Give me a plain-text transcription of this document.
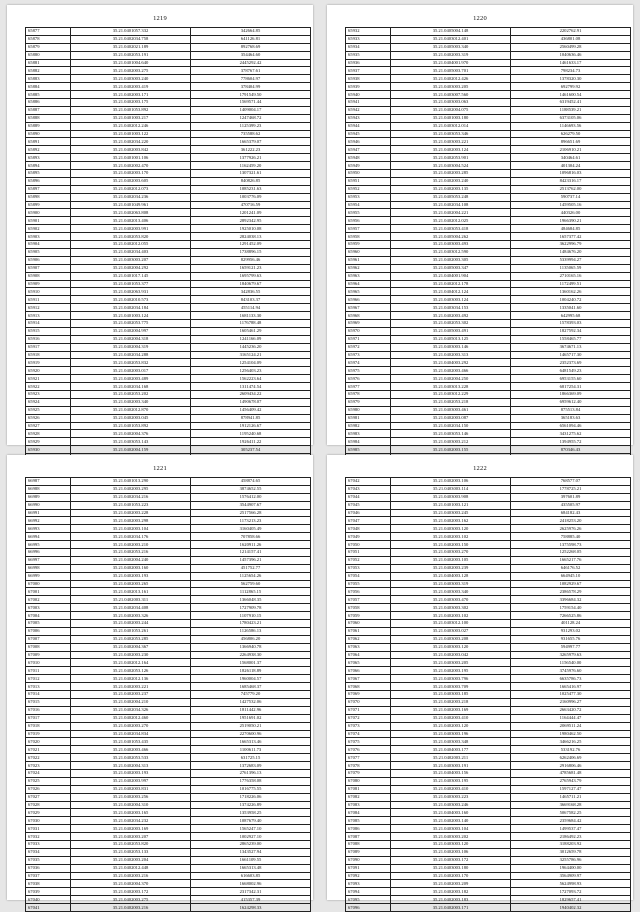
1219
65877	35.21.0401057.332	342664.85
65878	35.21.0402034.758	641126.81
65879	35.21.0402021.189	892768.69
65880	35.21.0402053.191	354464.60
65881	35.21.0401004.640	2445292.42
65882	35.21.0402003.275	378767.61
65883	35.21.0403003.240	778604.97
65884	35.21.0402003.419	378404.99
65885	35.21.0402003.171	1791549.50
65886	35.21.0402003.175	1569571.44
65887	35.21.0401053.892	1409004.17
65888	35.21.0401003.217	1247468.72
65889	35.21.0402012.246	1125399.23
65890	35.21.0401003.122	735588.62
65891	35.21.0402034.220	1665379.07
65892	35.21.0402003.842	361222.23
65893	35.21.0401001.106	1377926.21
65894	35.21.0402002.470	1162459.20
65895	35.21.0402003.170	1307321.61
65896	35.21.0402003.605	840826.85
65897	35.21.0402012.073	1085231.63
65898	35.21.0402034.236	1003776.09
65899	35.21.0401049.961	470716.59
65900	35.21.0402063.808	1201241.09
65901	35.21.0402013.406	2892342.95
65902	35.21.0402003.991	1925010.08
65903	35.21.0402053.820	2824038.13
65904	35.21.0402012.055	1291452.09
65905	35.21.0402034.403	1738896.15
65906	35.21.0403003.207	829956.46
65907	35.21.0402004.292	1659121.23
65908	35.21.0401017.145	1695799.63
65909	35.21.0401053.377	1840679.67
65910	35.21.0402063.931	342836.55
65911	35.21.0402010.573	843103.37
65912	35.21.0402034.184	455114.94
65913	35.21.0401003.124	1681133.30
65914	35.21.0402053.775	1176788.48
65915	35.21.0402004.997	1605461.29
65916	35.21.0402004.318	1241166.09
65917	35.21.0402004.319	1445236.20
65918	35.21.0402034.288	3165124.21
65919	35.21.0402053.832	1254104.09
65920	35.21.0402003.017	1256403.23
65921	35.21.0402003.489	1562223.64
65922	35.21.0402034.168	1311474.54
65923	35.21.0402053.202	2609434.22
65924	35.21.0402003.340	1490678.07
65925	35.21.0402012.870	1456409.42
65926	35.21.0402003.045	878941.85
65927	35.21.0401053.892	1912126.67
65928	35.21.0402004.376	1195240.68
65929	35.21.0403053.143	1926411.22
65930	35.21.0402004.159	305237.54

1220
65932	35.21.0405004.148	2202762.91
65933	35.21.0403012.401	436801.08
65934	35.21.0405003.340	2560499.28
65935	35.21.0402003.319	1040636.46
65936	35.21.0404001.970	1461633.17
65937	35.21.0405003.701	798234.73
65938	35.21.0402012.426	1378320.30
65939	35.21.0403003.205	692799.92
65940	35.21.0403007.560	1461600.54
65941	35.21.0403003.063	6319452.41
65942	35.21.0402004.075	1188539.21
65943	35.21.0401003.180	6373105.06
65944	35.21.0403012.014	1146693.56
65945	35.21.0403053.346	626279.50
65946	35.21.0403003.221	896651.69
65947	35.21.0402003.124	2106910.21
65948	35.21.0402053.901	340464.61
65949	35.21.0403004.524	401304.24
65950	35.21.0402003.285	1096816.03
65951	35.21.0402003.240	8423316.17
65952	35.21.0402003.135	2513762.00
65953	35.21.0405053.248	590737.14
65954	35.21.0402034.108	1459505.16
65955	35.21.0402004.221	440326.00
65956	35.21.0402012.025	1966390.21
65957	35.21.0403053.418	484684.85
65958	35.21.0405004.262	1657377.42
65959	35.21.0403003.493	3622996.79
65960	35.21.0403012.590	1484676.20
65961	35.21.0402003.305	5339994.27
65962	35.21.0405003.347	1135065.59
65963	35.21.0404001.904	2710165.16
65964	35.21.0402012.178	1172499.51
65965	35.21.0404012.124	1360162.26
65966	35.21.0403003.124	1004240.72
65967	35.21.0403034.153	1335041.60
65968	35.21.0402003.492	642995.68
65969	35.21.0402053.302	1578393.03
65970	35.21.0405003.491	1827592.34
65971	35.21.0405013.125	1558465.77
65972	35.21.0403003.146	3674671.13
65973	35.21.0402003.313	1465717.30
65974	35.21.0404003.292	2352373.69
65975	35.21.0402003.466	6481549.23
65976	35.21.0402004.250	6953155.60
65977	35.21.0403013.228	6817254.31
65978	35.21.0403012.229	1866369.09
65979	35.21.0402053.218	6959612.40
65980	35.21.0403003.461	875513.84
65981	35.21.0402003.087	365183.63
65982	35.21.0402034.150	6561094.46
65983	35.21.0403053.146	3431275.62
65984	35.21.0403003.212	1394955.72
65985	35.21.0402003.155	870346.43

1221
66987	35.21.0401013.290	458874.65
66988	35.21.0402003.295	3874652.55
66989	35.21.0402034.216	1576412.00
66990	35.21.0401053.223	3544907.67
66991	35.21.0402003.228	2517566.28
66992	35.21.0402003.298	1173213.23
66993	35.21.0402003.104	3160405.49
66994	35.21.0402034.176	707858.66
66995	35.21.0402003.210	1620911.26
66996	35.21.0402053.216	1214157.41
66997	35.21.0402004.240	1457396.21
66998	35.21.0402003.160	451752.77
66999	35.21.0402003.193	1125654.26
67000	35.21.0402003.265	562759.60
67001	35.21.0402013.161	1112865.15
67002	35.21.0402003.311	1366048.35
67003	35.21.0402034.408	1727909.78
67004	35.21.0402003.326	1107910.15
67005	35.21.0402003.244	1780423.21
67006	35.21.0401053.261	1126586.13
67007	35.21.0402053.285	456806.20
67008	35.21.0402004.367	1366940.78
67009	35.21.0402003.230	2264938.30
67010	35.21.0402012.164	1568001.37
67011	35.21.0402053.126	1826118.89
67012	35.21.0402012.136	1960004.57
67013	35.21.0402003.221	1685468.37
67014	35.21.0402003.237	745779.20
67015	35.21.0402004.210	1427532.06
67016	35.21.0402034.326	1811442.96
67017	35.21.0402012.460	1951691.02
67018	35.21.0402003.270	2519050.21
67019	35.21.0402034.834	2270600.96
67020	35.21.0401053.435	1665313.46
67021	35.21.0402003.466	1100611.73
67022	35.21.0402053.533	631725.15
67023	35.21.0402004.313	1372683.09
67024	35.21.0402003.193	2761396.13
67025	35.21.0402003.997	1776358.08
67026	35.21.0402003.831	1016775.55
67027	35.21.0402003.256	1718226.06
67028	35.21.0402004.310	1374226.89
67029	35.21.0402003.165	1353958.25
67030	35.21.0402034.232	1087679.40
67031	35.21.0402003.169	1565247.10
67032	35.21.0402003.207	1002927.10
67033	35.21.0402053.820	2865239.00
67034	35.21.0402053.133	1343527.94
67035	35.21.0402003.204	1661109.55
67036	35.21.0402012.448	1665313.48
67037	35.21.0402003.216	616603.85
67038	35.21.0402004.370	1668002.96
67039	35.21.0402003.172	2317342.31
67040	35.21.0402003.275	415357.39
67041	35.21.0402003.216	1624298.33
1222
67042	35.21.0402003.106	768577.07
67043	35.21.0403003.114	1778725.21
67044	35.21.0403003.908	397601.89
67045	35.21.0401003.121	435505.97
67046	35.21.0403003.245	684182.43
67047	35.21.0402003.162	2418253.20
67048	35.21.0403003.120	2625976.26
67049	35.21.0402003.102	758885.40
67050	35.21.0402003.150	1375598.73
67051	35.21.0403003.270	1252268.05
67052	35.21.0402003.105	1665217.76
67053	35.21.0402003.239	646176.52
67054	35.21.0404003.128	664945.10
67055	35.21.0403003.319	1082929.67
67056	35.21.0403003.340	2386578.29
67057	35.21.0403003.470	3396684.32
67058	35.21.0403003.302	1759154.40
67059	35.21.0402003.102	7266525.86
67060	35.21.0403012.100	401128.24
67061	35.21.0403003.027	931293.02
67062	35.21.0403003.208	931655.76
67063	35.21.0403003.120	594997.77
67064	35.21.0402003.042	3265979.63
67065	35.21.0403003.205	1156540.00
67066	35.21.0402003.195	3745976.60
67067	35.21.0403003.796	6635786.73
67068	35.21.0403003.709	1665416.97
67069	35.21.0403003.185	1025477.30
67070	35.21.0402003.218	2160996.27
67071	35.21.0402003.169	2663420.72
67072	35.21.0402003.410	1164444.47
67073	35.21.0402003.120	2069511.24
67074	35.21.0403003.196	1980462.50
67075	35.21.0403003.348	3466216.25
67076	35.21.0404003.177	533192.76
67077	35.21.0402003.211	6262406.69
67078	35.21.0403003.191	2916806.46
67079	35.21.0404003.156	4785681.48
67080	35.21.0403003.195	2765943.79
67081	35.21.0402003.410	1597127.47
67082	35.21.0403003.223	1465711.21
67083	35.21.0403003.246	3669168.28
67084	35.21.0404003.160	5067582.25
67085	35.21.0402003.140	2359684.42
67086	35.21.0403003.104	1499537.47
67087	35.21.0403003.202	2186492.23
67088	35.21.0403003.120	3188203.92
67089	35.21.0402003.106	3012659.78
67090	35.21.0403003.172	3255786.96
67091	35.21.0403003.180	1964400.00
67092	35.21.0402003.170	3564909.97
67093	35.21.0402003.209	5624998.93
67094	35.21.0402003.182	1727093.72
67095	35.21.0402003.183	1829657.41
67096	35.21.0402003.171	1940402.32
